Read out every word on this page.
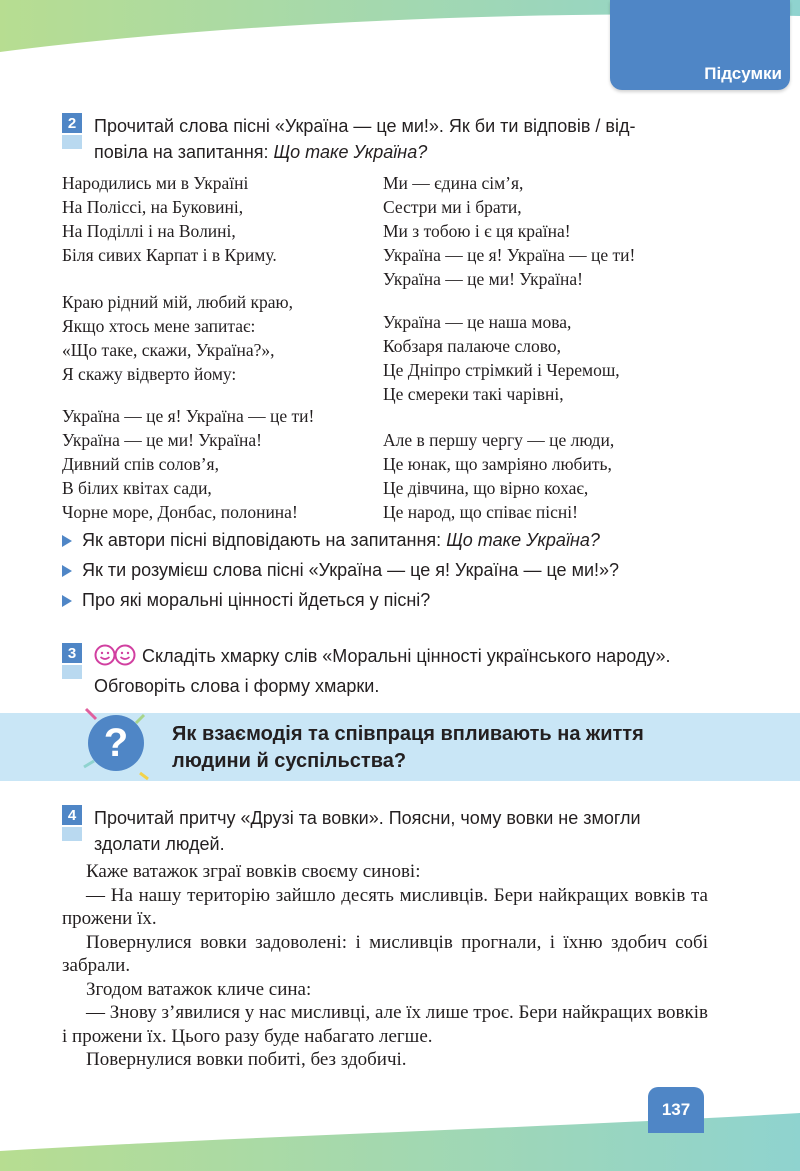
Підсумки
2 Прочитай слова пісні «Україна — це ми!». Як би ти відповів / від-
повіла на запитання: Що таке Україна?
Народились ми в Україні
На Поліссі, на Буковині,
На Поділлі і на Волині,
Біля сивих Карпат і в Криму.
Краю рідний мій, любий краю,
Якщо хтось мене запитає:
«Що таке, скажи, Україна?»,
Я скажу відверто йому:
Україна — це я! Україна — це ти!
Україна — це ми! Україна!
Дивний спів солов’я,
В білих квітах сади,
Чорне море, Донбас, полонина!
Ми — єдина сім’я,
Сестри ми і брати,
Ми з тобою і є ця країна!
Україна — це я! Україна — це ти!
Україна — це ми! Україна!
Україна — це наша мова,
Кобзаря палаюче слово,
Це Дніпро стрімкий і Черемош,
Це смереки такі чарівні,
Але в першу чергу — це люди,
Це юнак, що замріяно любить,
Це дівчина, що вірно кохає,
Це народ, що співає пісні!
Як автори пісні відповідають на запитання: Що таке Україна?
Як ти розумієш слова пісні «Україна — це я! Україна — це ми!»?
Про які моральні цінності йдеться у пісні?
3	Складіть хмарку слів «Моральні цінності українського народу».
Обговоріть слова і форму хмарки.
Як взаємодія та співпраця впливають на життя
людини й суспільства?
?
4 Прочитай притчу «Друзі та вовки». Поясни, чому вовки не змогли
здолати людей.

Каже ватажок зграї вовків своєму синові:

— На нашу територію зайшло десять мисливців. Бери найкращих вовків та прожени їх.

Повернулися вовки задоволені: і мисливців прогнали, і їхню здобич собі забрали.

Згодом ватажок кличе сина:

— Знову з’явилися у нас мисливці, але їх лише троє. Бери найкращих вовків і прожени їх. Цього разу буде набагато легше.

Повернулися вовки побиті, без здобичі.

137
